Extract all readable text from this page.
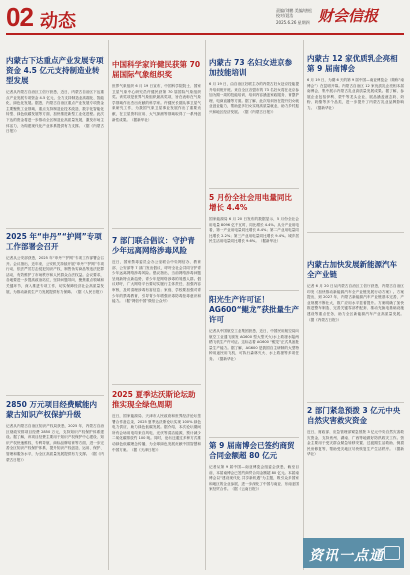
02 动态
责编/刘鹏 美编/唐松 校对/聂浩
2025.6.26 星期四 财会信报
内蒙古下达重点产业发展专项资金 4.5 亿元支持制造业转型发展
记者从内蒙古自治区工信厅获悉，近日，内蒙古自治区下达重点产业发展专项资金 4.5 亿元，全力支持制造业高端化、智能化、绿色化发展。据悉，内蒙古自治区重点产业发展专项资金主要聚焦工业领域，重点支持制造业技术改造、数字化智能化转型、绿色低碳发展等方面，加快推进新型工业化进程。此次下达的资金将进一步推动全区制造业高质量发展，激发市场主体活力，为构建现代化产业体系提供有力支撑。（据《内蒙古日报》）
2025 年“申丹”“护网”专项工作部署会召开
记者从公安部获悉，2025 年“申丹”“护网”专项工作部署会召开。会议指出，近年来，公安机关持续开展“申丹”“护网”专项行动，依法严厉打击侵犯知识产权、制售伪劣商品等违法犯罪活动，有效维护了市场秩序和人民群众合法权益。会议要求，各地要进一步提高政治站位，坚持问题导向，聚焦重点领域和关键环节，深入推进专项工作，切实保障经济社会高质量发展，为推动新质生产力发展提供有力保障。（据《人民日报》）
2850 万元项目经费赋能内蒙古知识产权保护升级
记者从内蒙古自治区知识产权局获悉，2025 年，内蒙古自治区财政安排项目经费 2850 万元，支持知识产权保护体系建设。据了解，该项目经费主要用于知识产权保护中心建设、知识产权快速维权、专利导航、商标品牌培育等方面，进一步完善全区知识产权保护体系，提升知识产权创造、运用、保护、管理和服务水平，为全区高质量发展提供有力支撑。（据《内蒙古日报》）
中国科学家许健民获第 70 届国际气象组织奖
世界气象组织 6 月 19 日宣布，中国科学院院士、国家卫星气象中心研究员许健民获第 70 届国际气象组织奖。该奖项是世界气象组织最高奖项，旨在表彰在气象学领域作出杰出贡献的科学家。许健民长期从事卫星气象研究工作，为我国气象卫星事业发展作出了重要贡献，在卫星资料应用、大气探测等领域取得了一系列创新性成果。（据新华社）
7 部门联合倡议：守护青少年远离网络涉毒风险
近日，国家禁毒委员会办公室联合中央网信办、教育部、公安部等 7 部门发出倡议，呼吁全社会共同守护青少年远离网络涉毒风险。倡议指出，当前网络涉毒问题呈现新特点新趋势，青少年是网络涉毒的易感人群。倡议呼吁，广大网络平台要切实履行主体责任，加强内容审核，及时清理涉毒有害信息；家庭、学校要加强对青少年的禁毒教育，引导青少年增强识毒防毒拒毒意识和能力。（据“网信中国”微信公众号）
2025 夏季达沃斯论坛助推实现全绿色周期
近日，国家能源局、天津市人民政府和世界经济论坛签署合作备忘录，2025 夏季达沃斯论坛实现 100% 绿色电力供应，助力绿色低碳发展。据介绍，本次论坛期间所有会场用电均来自风电、光伏等清洁能源，预计减少二氧化碳排放约 100 吨。同时，论坛还通过多种方式推动绿色低碳理念传播，为全球绿色发展贡献中国智慧和中国方案。（据《天津日报》）
内蒙古 73 名妇女进京参加技能培训
6 月 19 日，由自治区妇联主办的内蒙古妇女赴京技能提升培训班开班。来自全区各盟市的 73 名妇女将在北京参加为期一周的技能培训，培训内容涵盖家政服务、育婴护理、电商直播等方面。据了解，此次培训旨在提升妇女就业创业能力，帮助更多妇女实现高质量就业，助力乡村振兴和地区经济发展。（据《内蒙古日报》）
5 月份全社会用电量同比增长 4.4%
国家能源局 6 月 20 日发布的数据显示，5 月份全社会用电量 8096 亿千瓦时，同比增长 4.4%。从分产业用电看，第一产业用电量同比增长 8.4%；第二产业用电量同比增长 2.2%；第三产业用电量同比增长 9.4%。城乡居民生活用电量同比增长 9.6%。（据新华社）
阳光生产许可证！AG600“鲲龙”获批量生产许可
记者从中国航空工业集团获悉，近日，中国民用航空局向航空工业通飞颁发 AG600 型大型灭火/水上救援水陆两栖飞机生产许可证。这标志着 AG600 “鲲龙”正式具备批量生产能力。据了解，AG600 是我国自主研制的大型特种用途民用飞机，可执行森林灭火、水上救援等多项任务。（据新华社）
第 9 届南博会已签约商贸合同金额超 80 亿元
记者从第 9 届中国—南亚博览会组委会获悉，截至目前，本届南博会已签约商贸合同金额超 80 亿元。本届南博会以“建设现代化 共享新机遇”为主题，吸引众多国家和地区的企业参展，进一步深化了中国与南亚、东南亚国家经贸合作。（据《云南日报》）
内蒙古 12 家优质乳企亮相第 9 届南博会
6 月 19 日，为期 6 天的第 9 届中国—南亚博览会（简称“南博会”）在昆明开幕。内蒙古自治区 12 家优质乳企亮相本届南博会，集中展示内蒙古乳业高质量发展成果。据了解，参展企业包括伊利、蒙牛等龙头企业，展品涵盖液态奶、奶粉、奶酪等多个品类，进一步提升了内蒙古乳业品牌影响力。（据新华社）
内蒙古加快发展新能源汽车全产业链
记者 6 月 20 日从内蒙古自治区工信厅获悉，内蒙古自治区印发《加快推动新能源汽车全产业链发展行动方案》。方案提出，到 2027 年，内蒙古新能源汽车产业链基本完善，产业规模不断壮大，推广应用水平显著提升。方案明确了加快推进整车制造、完善关键零部件配套、推动充换电基础设施建设等重点任务，助力全区新能源汽车产业高质量发展。（据《内蒙古日报》）
2 部门紧急预拨 3 亿元中央自然灾害救灾资金
近日，财政部、应急管理部紧急预拨 3 亿元中央自然灾害救灾资金，支持贵州、湖南、广西等地做好防汛救灾工作。资金主要用于受灾群众紧急转移安置、过渡期生活救助、倒损民房修复等，帮助受灾地区尽快恢复生产生活秩序。（据新华社）
资讯一点通
